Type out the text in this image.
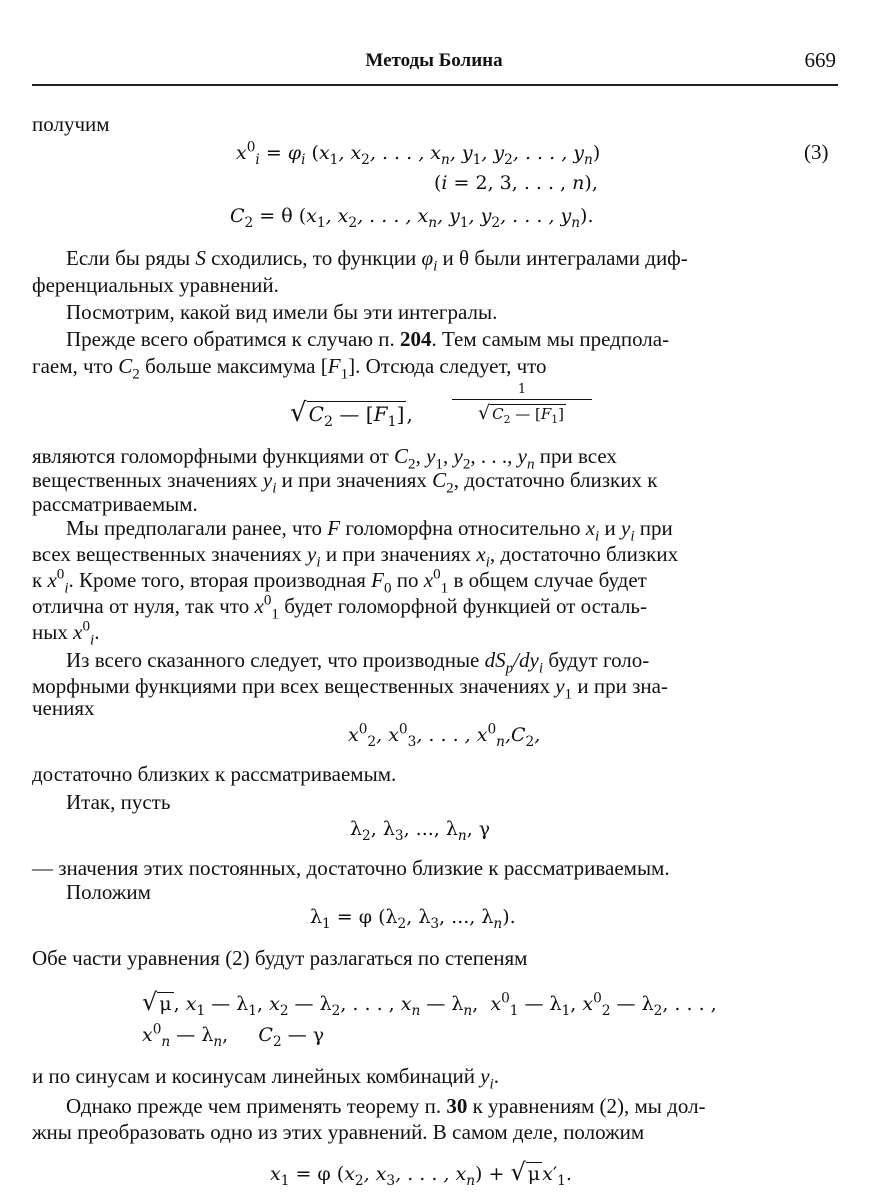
Методы Болина	669
получим
$x^0_i = \varphi_i$ ($x_1$, $x_2$, . . . , $x_n$, $y_1$, $y_2$, . . . , $y_n$)	(3)
(i = 2, 3, . . . , n),
$C_2 = \theta$ ($x_1$, $x_2$, . . . , $x_n$, $y_1$, $y_2$, . . . , $y_n$).
Если бы ряды S сходились, то функции $\varphi_i$ и θ были интегралами диф-
ференциальных уравнений.
Посмотрим, какой вид имели бы эти интегралы.
Прежде всего обратимся к случаю п. 204. Тем самым мы предпола-
гаем, что $C_2$ больше максимума $[F_1]$. Отсюда следует, что
√ $C_2$ — $[F_1]$ ,
1
√ $C_2$ — $[F_1]$
являются голоморфными функциями от $C_2$, $y_1$, $y_2$, . . ., $y_n$ при всех
вещественных значениях $y_i$ и при значениях $C_2$, достаточно близких к
рассматриваемым.
Мы предполагали ранее, что F голоморфна относительно $x_i$ и $y_i$ при
всех вещественных значениях $y_i$ и при значениях $x_i$, достаточно близких
к $x^0_i$. Кроме того, вторая производная $F_0$ по $x^0_1$ в общем случае будет
отлична от нуля, так что $x^0_1$ будет голоморфной функцией от осталь-
ных $x^0_i$.
Из всего сказанного следует, что производные $dS_p/dy_i$ будут голо-
морфными функциями при всех вещественных значениях $y_1$ и при зна-
чениях
$x^0_2$, $x^0_3$, . . . , $x^0_n,C_2$,
достаточно близких к рассматриваемым.
Итак, пусть
$\lambda_2$, $\lambda_3$, ..., $\lambda_n$, γ
— значения этих постоянных, достаточно близкие к рассматриваемым.
Положим
$\lambda_1 = \varphi$ ($\lambda_2$, $\lambda_3$, ..., $\lambda_n$).
Обе части уравнения (2) будут разлагаться по степеням
√ μ , $x_1$ — $\lambda_1$, $x_2$ — $\lambda_2$, . . . , $x_n$ — $\lambda_n$,  $x^0_1$ — $\lambda_1$, $x^0_2$ — $\lambda_2$, . . . ,
$x^0_n$ — $\lambda_n$,     $C_2$ — γ
и по синусам и косинусам линейных комбинаций $y_i$.
Однако прежде чем применять теорему п. 30 к уравнениям (2), мы дол-
жны преобразовать одно из этих уравнений. В самом деле, положим
$x_1 = \varphi$ ($x_2$, $x_3$, . . . , $x_n$) + √ μ $x'_1$.
